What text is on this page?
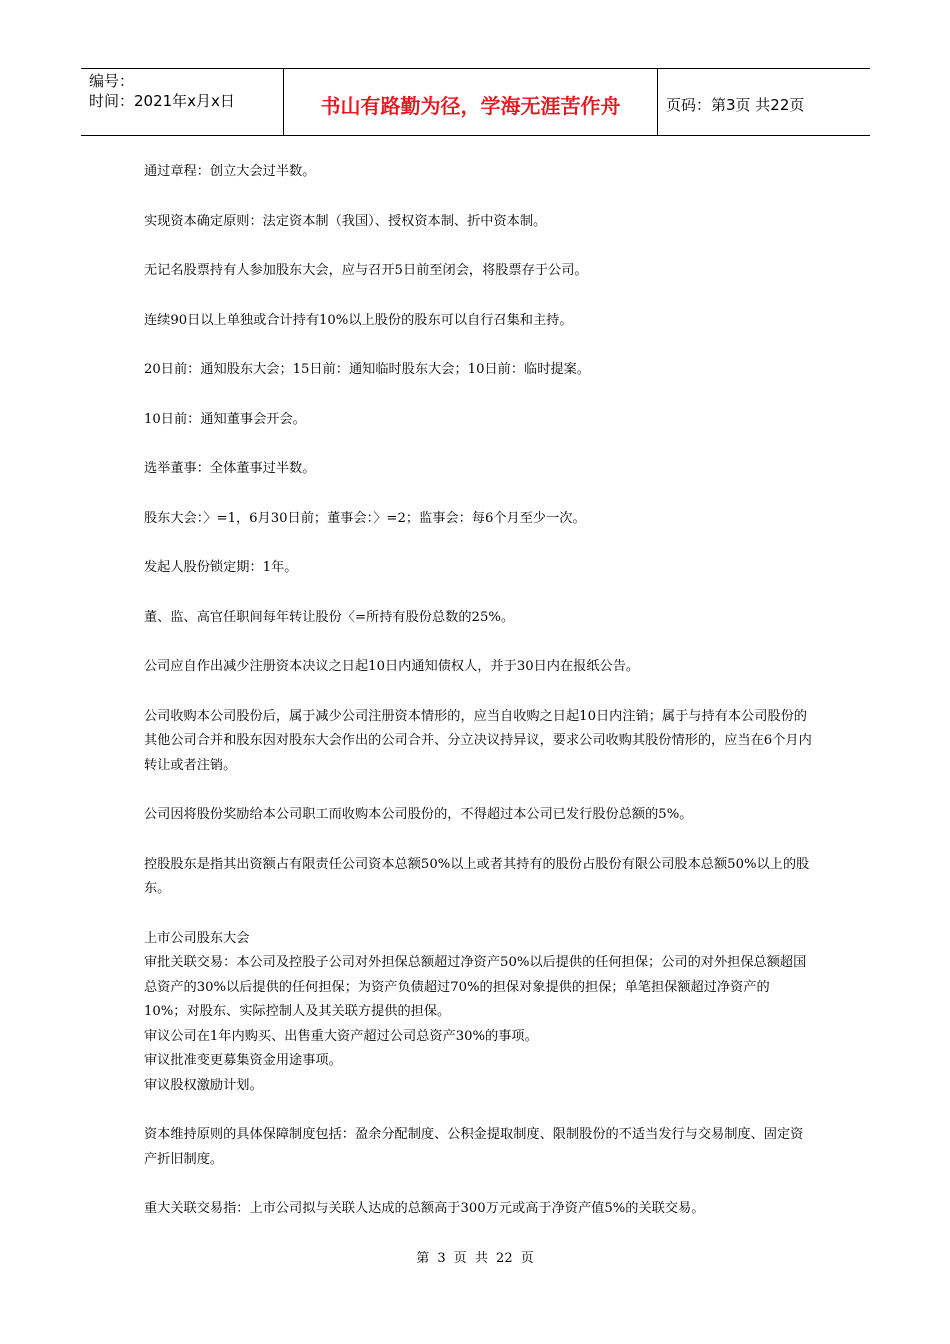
编号：
时间：2021年x月x日	书山有路勤为径，学海无涯苦作舟	页码：第3页 共22页

通过章程：创立大会过半数。

实现资本确定原则：法定资本制（我国）、授权资本制、折中资本制。

无记名股票持有人参加股东大会，应与召开5日前至闭会，将股票存于公司。

连续90日以上单独或合计持有10%以上股份的股东可以自行召集和主持。

20日前：通知股东大会；15日前：通知临时股东大会；10日前：临时提案。

10日前：通知董事会开会。

选举董事：全体董事过半数。

股东大会：〉=1，6月30日前；董事会：〉=2；监事会：每6个月至少一次。

发起人股份锁定期：1年。

董、监、高官任职间每年转让股份〈=所持有股份总数的25%。

公司应自作出减少注册资本决议之日起10日内通知债权人，并于30日内在报纸公告。

公司收购本公司股份后，属于减少公司注册资本情形的，应当自收购之日起10日内注销；属于与持有本公司股份的其他公司合并和股东因对股东大会作出的公司合并、分立决议持异议，要求公司收购其股份情形的，应当在6个月内转让或者注销。

公司因将股份奖励给本公司职工而收购本公司股份的，不得超过本公司已发行股份总额的5%。

控股股东是指其出资额占有限责任公司资本总额50%以上或者其持有的股份占股份有限公司股本总额50%以上的股东。

上市公司股东大会
审批关联交易：本公司及控股子公司对外担保总额超过净资产50%以后提供的任何担保；公司的对外担保总额超国总资产的30%以后提供的任何担保；为资产负债超过70%的担保对象提供的担保；单笔担保额超过净资产的10%；对股东、实际控制人及其关联方提供的担保。
审议公司在1年内购买、出售重大资产超过公司总资产30%的事项。
审议批准变更募集资金用途事项。
审议股权激励计划。

资本维持原则的具体保障制度包括：盈余分配制度、公积金提取制度、限制股份的不适当发行与交易制度、固定资产折旧制度。

重大关联交易指：上市公司拟与关联人达成的总额高于300万元或高于净资产值5%的关联交易。

第 3 页 共 22 页
